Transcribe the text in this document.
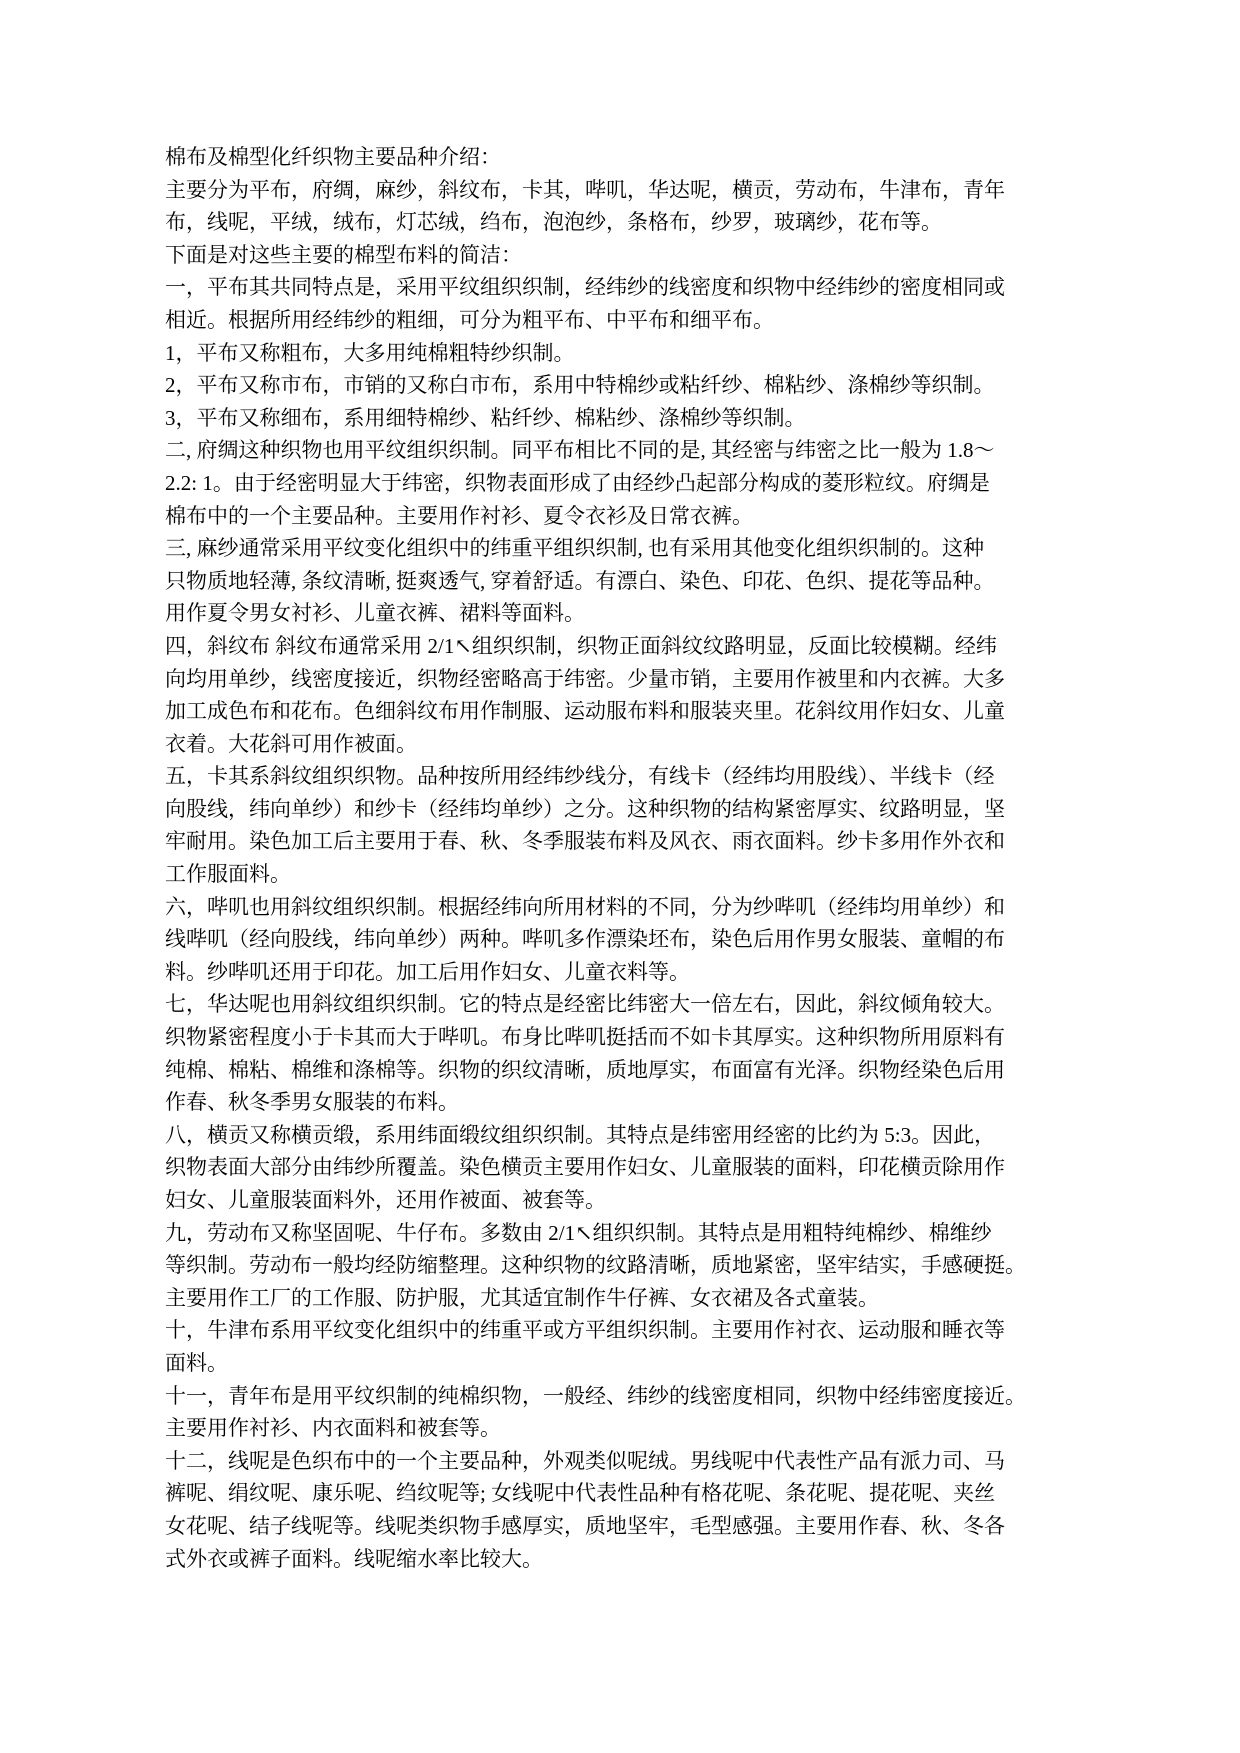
棉布及棉型化纤织物主要品种介绍：
主要分为平布，府绸，麻纱，斜纹布，卡其，哔叽，华达呢，横贡，劳动布，牛津布，青年
布，线呢，平绒，绒布，灯芯绒，绉布，泡泡纱，条格布，纱罗，玻璃纱，花布等。
下面是对这些主要的棉型布料的简洁：
一，平布其共同特点是，采用平纹组织织制，经纬纱的线密度和织物中经纬纱的密度相同或
相近。根据所用经纬纱的粗细，可分为粗平布、中平布和细平布。
1，平布又称粗布，大多用纯棉粗特纱织制。
2，平布又称市布，市销的又称白市布，系用中特棉纱或粘纤纱、棉粘纱、涤棉纱等织制。
3，平布又称细布，系用细特棉纱、粘纤纱、棉粘纱、涤棉纱等织制。
二, 府绸这种织物也用平纹组织织制。同平布相比不同的是, 其经密与纬密之比一般为 1.8～
2.2: 1。由于经密明显大于纬密，织物表面形成了由经纱凸起部分构成的菱形粒纹。府绸是
棉布中的一个主要品种。主要用作衬衫、夏令衣衫及日常衣裤。
三, 麻纱通常采用平纹变化组织中的纬重平组织织制, 也有采用其他变化组织织制的。这种
只物质地轻薄, 条纹清晰, 挺爽透气, 穿着舒适。有漂白、染色、印花、色织、提花等品种。
用作夏令男女衬衫、儿童衣裤、裙料等面料。
四，斜纹布 斜纹布通常采用 2/1↖组织织制，织物正面斜纹纹路明显，反面比较模糊。经纬
向均用单纱，线密度接近，织物经密略高于纬密。少量市销，主要用作被里和内衣裤。大多
加工成色布和花布。色细斜纹布用作制服、运动服布料和服装夹里。花斜纹用作妇女、儿童
衣着。大花斜可用作被面。
五，卡其系斜纹组织织物。品种按所用经纬纱线分，有线卡（经纬均用股线）、半线卡（经
向股线，纬向单纱）和纱卡（经纬均单纱）之分。这种织物的结构紧密厚实、纹路明显，坚
牢耐用。染色加工后主要用于春、秋、冬季服装布料及风衣、雨衣面料。纱卡多用作外衣和
工作服面料。
六，哔叽也用斜纹组织织制。根据经纬向所用材料的不同，分为纱哔叽（经纬均用单纱）和
线哔叽（经向股线，纬向单纱）两种。哔叽多作漂染坯布，染色后用作男女服装、童帽的布
料。纱哔叽还用于印花。加工后用作妇女、儿童衣料等。
七，华达呢也用斜纹组织织制。它的特点是经密比纬密大一倍左右，因此，斜纹倾角较大。
织物紧密程度小于卡其而大于哔叽。布身比哔叽挺括而不如卡其厚实。这种织物所用原料有
纯棉、棉粘、棉维和涤棉等。织物的织纹清晰，质地厚实，布面富有光泽。织物经染色后用
作春、秋冬季男女服装的布料。
八，横贡又称横贡缎，系用纬面缎纹组织织制。其特点是纬密用经密的比约为 5:3。因此，
织物表面大部分由纬纱所覆盖。染色横贡主要用作妇女、儿童服装的面料，印花横贡除用作
妇女、儿童服装面料外，还用作被面、被套等。
九，劳动布又称坚固呢、牛仔布。多数由 2/1↖组织织制。其特点是用粗特纯棉纱、棉维纱
等织制。劳动布一般均经防缩整理。这种织物的纹路清晰，质地紧密，坚牢结实，手感硬挺。
主要用作工厂的工作服、防护服，尤其适宜制作牛仔裤、女衣裙及各式童装。
十，牛津布系用平纹变化组织中的纬重平或方平组织织制。主要用作衬衣、运动服和睡衣等
面料。
十一，青年布是用平纹织制的纯棉织物，一般经、纬纱的线密度相同，织物中经纬密度接近。
主要用作衬衫、内衣面料和被套等。
十二，线呢是色织布中的一个主要品种，外观类似呢绒。男线呢中代表性产品有派力司、马
裤呢、绢纹呢、康乐呢、绉纹呢等; 女线呢中代表性品种有格花呢、条花呢、提花呢、夹丝
女花呢、结子线呢等。线呢类织物手感厚实，质地坚牢，毛型感强。主要用作春、秋、冬各
式外衣或裤子面料。线呢缩水率比较大。
